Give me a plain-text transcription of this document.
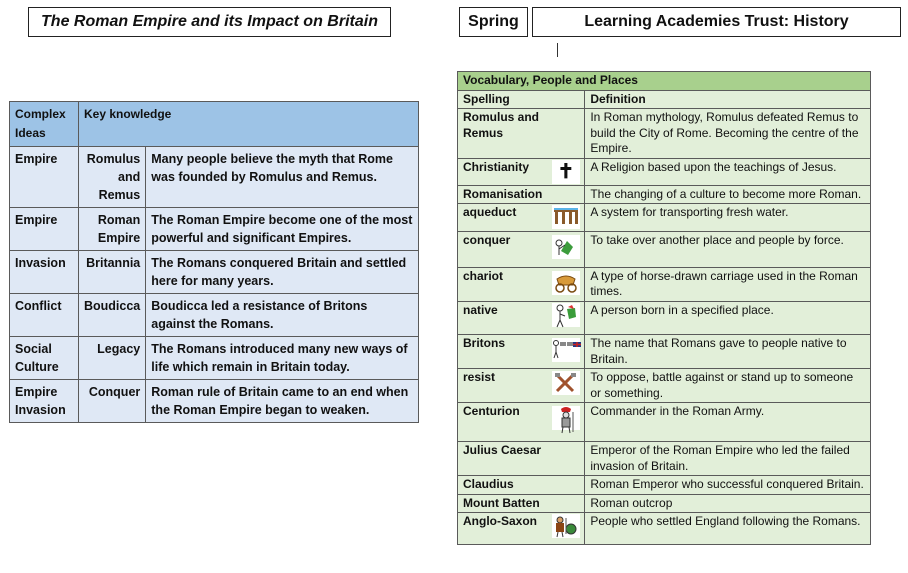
The Roman Empire and its Impact on Britain	Spring	Learning Academies Trust: History
Complex Ideas	Key knowledge	
Empire	Romulus and Remus	Many people believe the myth that Rome was founded by Romulus and Remus.
Empire	Roman Empire	The Roman Empire become one of the most powerful and significant Empires.
Invasion	Britannia	The Romans conquered Britain and settled here for many years.
Conflict	Boudicca	Boudicca led a resistance of Britons against the Romans.
Social Culture	Legacy	The Romans introduced many new ways of life which remain in Britain today.
Empire Invasion	Conquer	Roman rule of Britain came to an end when the Roman Empire began to weaken.
Vocabulary, People and Places		
Spelling		Definition
Romulus and Remus		In Roman mythology, Romulus defeated Remus to build the City of Rome. Becoming the centre of the Empire.
Christianity	✝	A Religion based upon the teachings of Jesus.
Romanisation		The changing of a culture to become more Roman.
aqueduct		A system for transporting fresh water.
conquer		To take over another place and people by force.
chariot		A type of horse-drawn carriage used in the Roman times.
native		A person born in a specified place.
Britons		The name that Romans gave to people native to Britain.
resist		To oppose, battle against or stand up to someone or something.
Centurion		Commander in the Roman Army.
Julius Caesar		Emperor of the Roman Empire who led the failed invasion of Britain.
Claudius		Roman Emperor who successful conquered Britain.
Mount Batten		Roman outcrop
Anglo-Saxon		People who settled England following the Romans.
